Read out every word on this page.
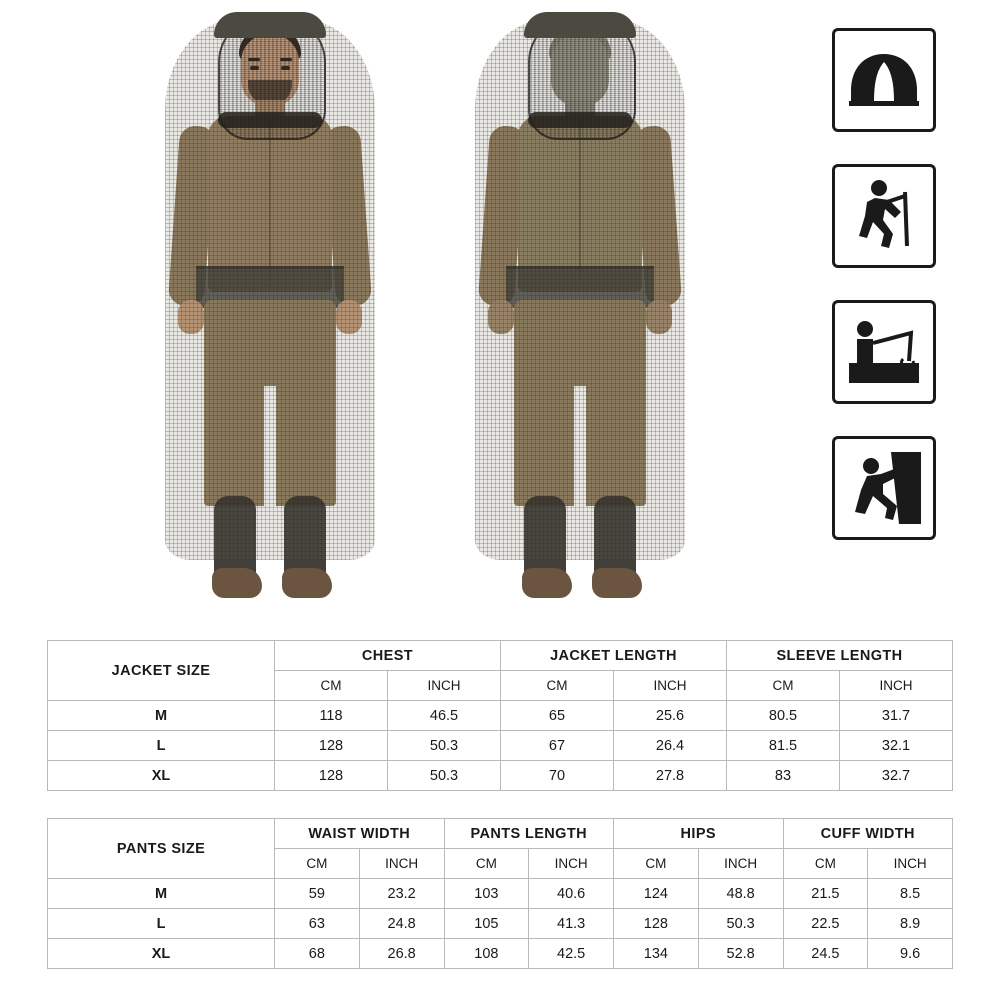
JACKET SIZE	CHEST		JACKET LENGTH		SLEEVE LENGTH	
	CM	INCH	CM	INCH	CM	INCH
M	118	46.5	65	25.6	80.5	31.7
L	128	50.3	67	26.4	81.5	32.1
XL	128	50.3	70	27.8	83	32.7
PANTS SIZE	WAIST WIDTH		PANTS LENGTH		HIPS		CUFF WIDTH	
	CM	INCH	CM	INCH	CM	INCH	CM	INCH
M	59	23.2	103	40.6	124	48.8	21.5	8.5
L	63	24.8	105	41.3	128	50.3	22.5	8.9
XL	68	26.8	108	42.5	134	52.8	24.5	9.6
